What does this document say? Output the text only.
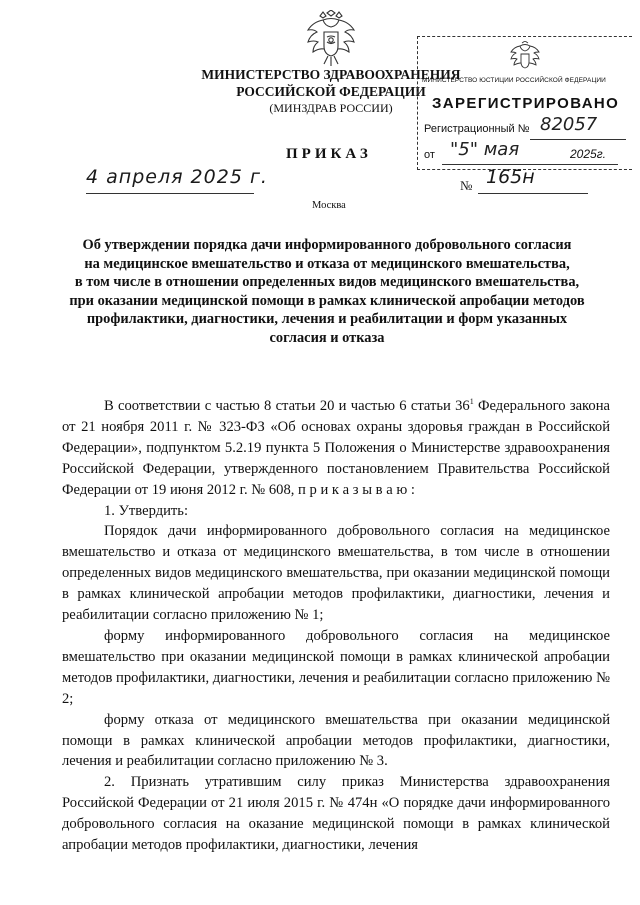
МИНИСТЕРСТВО ЗДРАВООХРАНЕНИЯ
РОССИЙСКОЙ ФЕДЕРАЦИИ
(МИНЗДРАВ РОССИИ)
МИНИСТЕРСТВО ЮСТИЦИИ РОССИЙСКОЙ ФЕДЕРАЦИИ
ЗАРЕГИСТРИРОВАНО
Регистрационный № 82057
от "5" мая	2025г.
ПРИКАЗ
4 апреля 2025 г.	№ 165н
Москва
Об утверждении порядка дачи информированного добровольного согласия
на медицинское вмешательство и отказа от медицинского вмешательства,
в том числе в отношении определенных видов медицинского вмешательства,
при оказании медицинской помощи в рамках клинической апробации методов
профилактики, диагностики, лечения и реабилитации и форм указанных
согласия и отказа

В соответствии с частью 8 статьи 20 и частью 6 статьи $36^1$ Федерального закона от 21 ноября 2011 г. № 323-ФЗ «Об основах охраны здоровья граждан в Российской Федерации», подпунктом 5.2.19 пункта 5 Положения о Министерстве здравоохранения Российской Федерации, утвержденного постановлением Правительства Российской Федерации от 19 июня 2012 г. № 608, п р и к а з ы в а ю :

1. Утвердить:

Порядок дачи информированного добровольного согласия на медицинское вмешательство и отказа от медицинского вмешательства, в том числе в отношении определенных видов медицинского вмешательства, при оказании медицинской помощи в рамках клинической апробации методов профилактики, диагностики, лечения и реабилитации согласно приложению № 1;

форму информированного добровольного согласия на медицинское вмешательство при оказании медицинской помощи в рамках клинической апробации методов профилактики, диагностики, лечения и реабилитации согласно приложению № 2;

форму отказа от медицинского вмешательства при оказании медицинской помощи в рамках клинической апробации методов профилактики, диагностики, лечения и реабилитации согласно приложению № 3.

2. Признать утратившим силу приказ Министерства здравоохранения Российской Федерации от 21 июля 2015 г. № 474н «О порядке дачи информированного добровольного согласия на оказание медицинской помощи в рамках клинической апробации методов профилактики, диагностики, лечения
